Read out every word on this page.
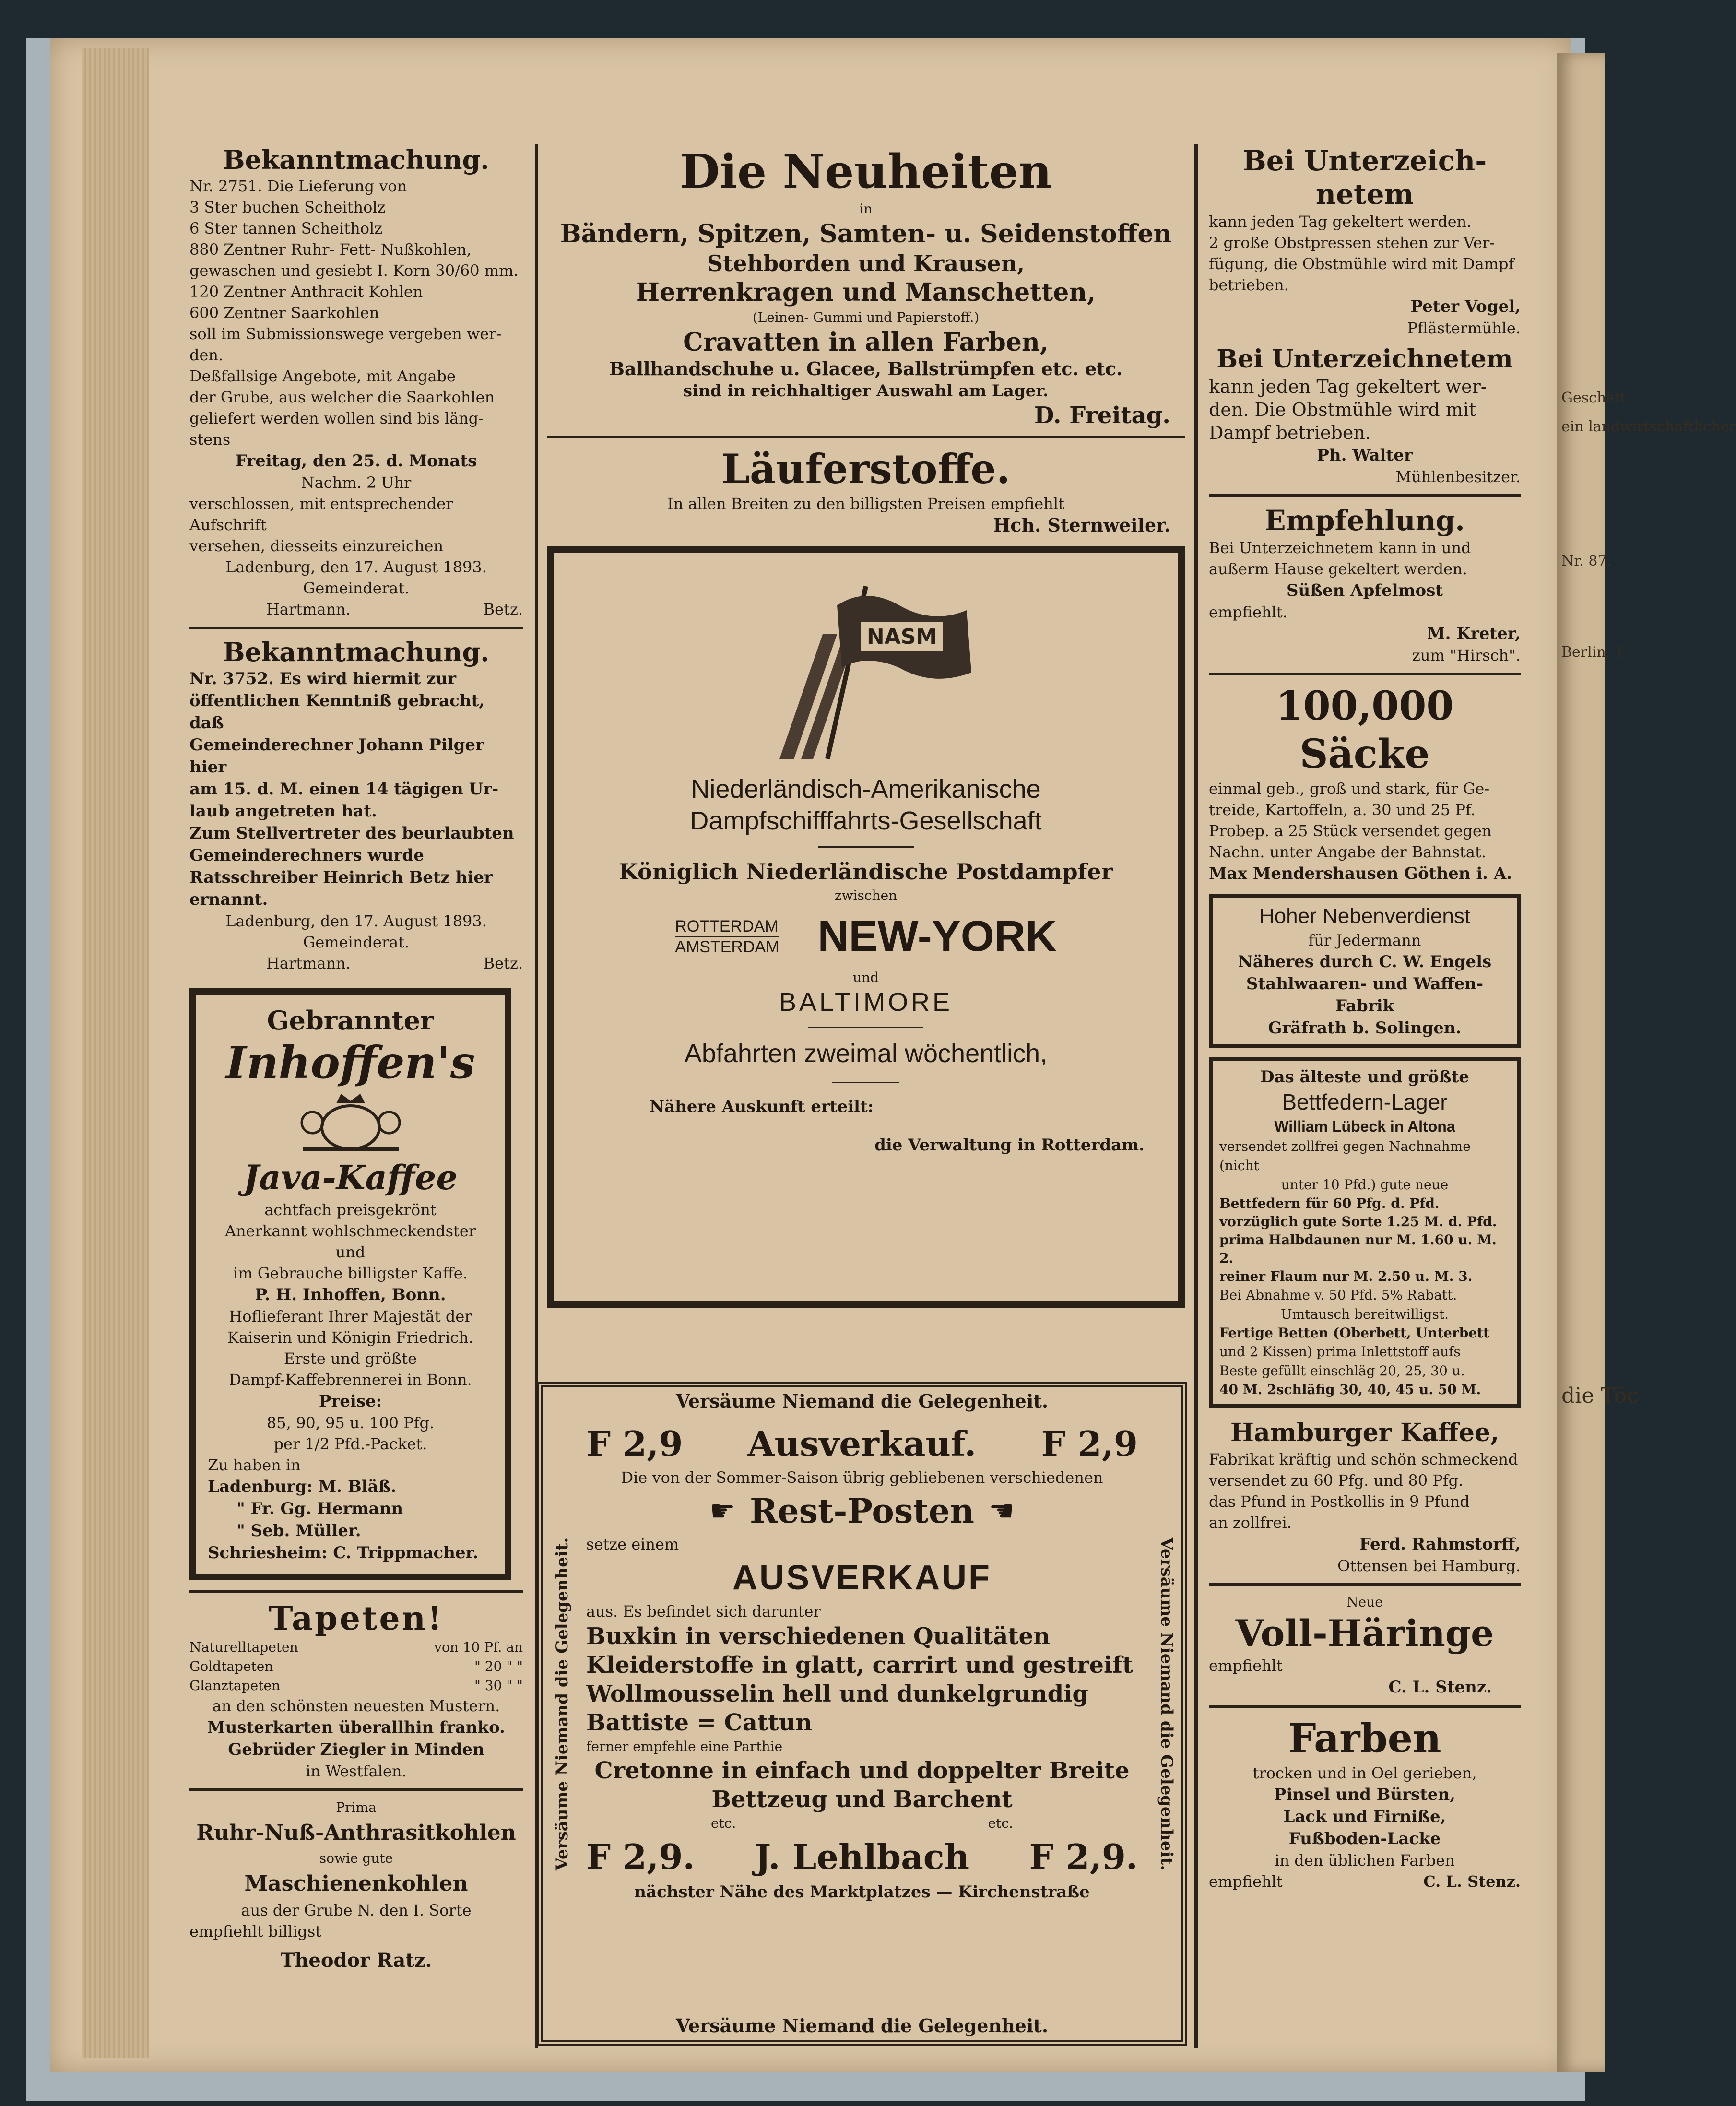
Geschäft
ein landwirtschaftlicher
Nr. 87.
Berlin, 1
die Töc
Bekanntmachung.
Nr. 2751. Die Lieferung von
3 Ster buchen Scheitholz
6 Ster tannen Scheitholz
880 Zentner Ruhr- Fett- Nußkohlen,
gewaschen und gesiebt I. Korn 30/60 mm.
120 Zentner Anthracit Kohlen
600 Zentner Saarkohlen
soll im Submissionswege vergeben wer-
den.
Deßfallsige Angebote, mit Angabe
der Grube, aus welcher die Saarkohlen
geliefert werden wollen sind bis läng-
stens
Freitag, den 25. d. Monats
Nachm. 2 Uhr
verschlossen, mit entsprechender Aufschrift
versehen, diesseits einzureichen
Ladenburg, den 17. August 1893.
Gemeinderat.
Hartmann.	Betz.
Bekanntmachung.
Nr. 3752. Es wird hiermit zur
öffentlichen Kenntniß gebracht, daß
Gemeinderechner Johann Pilger hier
am 15. d. M. einen 14 tägigen Ur-
laub angetreten hat.
Zum Stellvertreter des beurlaubten
Gemeinderechners wurde
Ratsschreiber Heinrich Betz hier
ernannt.
Ladenburg, den 17. August 1893.
Gemeinderat.
Hartmann.	Betz.
Gebrannter
Inhoffen's
Java-Kaffee
achtfach preisgekrönt
Anerkannt wohlschmeckendster und
im Gebrauche billigster Kaffe.
P. H. Inhoffen, Bonn.
Hoflieferant Ihrer Majestät der
Kaiserin und Königin Friedrich.
Erste und größte
Dampf-Kaffebrennerei in Bonn.
Preise:
85, 90, 95 u. 100 Pfg.
per 1/2 Pfd.-Packet.
Zu haben in
Ladenburg: M. Bläß.
" Fr. Gg. Hermann
" Seb. Müller.
Schriesheim: C. Trippmacher.
Tapeten!
Naturelltapeten	von 10 Pf. an
Goldtapeten	" 20 " "
Glanztapeten	" 30 " "
an den schönsten neuesten Mustern.
Musterkarten überallhin franko.
Gebrüder Ziegler in Minden
in Westfalen.
Prima
Ruhr-Nuß-Anthrasitkohlen
sowie gute
Maschienenkohlen
aus der Grube N. den I. Sorte
empfiehlt billigst
Theodor Ratz.
Die Neuheiten
in
Bändern, Spitzen, Samten- u. Seidenstoffen
Stehborden und Krausen,
Herrenkragen und Manschetten,
(Leinen- Gummi und Papierstoff.)
Cravatten in allen Farben,
Ballhandschuhe u. Glacee, Ballstrümpfen etc. etc.
sind in reichhaltiger Auswahl am Lager.
D. Freitag.
Läuferstoffe.
In allen Breiten zu den billigsten Preisen empfiehlt
Hch. Sternweiler.
NASM
Niederländisch-Amerikanische
Dampfschifffahrts-Gesellschaft
Königlich Niederländische Postdampfer
zwischen
ROTTERDAM
AMSTERDAM NEW-YORK
und
BALTIMORE
Abfahrten zweimal wöchentlich,
Nähere Auskunft erteilt:
die Verwaltung in Rotterdam.
Versäume Niemand die Gelegenheit.
Versäume Niemand die Gelegenheit.
Versäume Niemand die Gelegenheit.	Versäume Niemand die Gelegenheit.
F 2,9 Ausverkauf. F 2,9
Die von der Sommer-Saison übrig gebliebenen verschiedenen
☛ Rest-Posten ☚
setze einem
AUSVERKAUF
aus. Es befindet sich darunter
Buxkin in verschiedenen Qualitäten
Kleiderstoffe in glatt, carrirt und gestreift
Wollmousselin hell und dunkelgrundig
Battiste = Cattun
ferner empfehle eine Parthie
Cretonne in einfach und doppelter Breite
Bettzeug und Barchent
etc.	etc.
F 2,9. J. Lehlbach F 2,9.
nächster Nähe des Marktplatzes — Kirchenstraße
Bei Unterzeich-netem
kann jeden Tag gekeltert werden.
2 große Obstpressen stehen zur Ver-
fügung, die Obstmühle wird mit Dampf
betrieben.
Peter Vogel,
Pflästermühle.
Bei Unterzeichnetem
kann jeden Tag gekeltert wer-
den. Die Obstmühle wird mit
Dampf betrieben.
Ph. Walter
Mühlenbesitzer.
Empfehlung.
Bei Unterzeichnetem kann in und
außerm Hause gekeltert werden.
Süßen Apfelmost
empfiehlt.
M. Kreter,
zum "Hirsch".
100,000 Säcke
einmal geb., groß und stark, für Ge-
treide, Kartoffeln, a. 30 und 25 Pf.
Probep. a 25 Stück versendet gegen
Nachn. unter Angabe der Bahnstat.
Max Mendershausen Göthen i. A.
Hoher Nebenverdienst
für Jedermann
Näheres durch C. W. Engels
Stahlwaaren- und Waffen-Fabrik
Gräfrath b. Solingen.
Das älteste und größte
Bettfedern-Lager
William Lübeck in Altona
versendet zollfrei gegen Nachnahme (nicht
unter 10 Pfd.) gute neue
Bettfedern für 60 Pfg. d. Pfd.
vorzüglich gute Sorte 1.25 M. d. Pfd.
prima Halbdaunen nur M. 1.60 u. M. 2.
reiner Flaum nur M. 2.50 u. M. 3.
Bei Abnahme v. 50 Pfd. 5% Rabatt.
Umtausch bereitwilligst.
Fertige Betten (Oberbett, Unterbett
und 2 Kissen) prima Inlettstoff aufs
Beste gefüllt einschläg 20, 25, 30 u.
40 M. 2schläfig 30, 40, 45 u. 50 M.
Hamburger Kaffee,
Fabrikat kräftig und schön schmeckend
versendet zu 60 Pfg. und 80 Pfg.
das Pfund in Postkollis in 9 Pfund
an zollfrei.
Ferd. Rahmstorff,
Ottensen bei Hamburg.
Neue
Voll-Häringe
empfiehlt
C. L. Stenz.
Farben
trocken und in Oel gerieben,
Pinsel und Bürsten,
Lack und Firniße,
Fußboden-Lacke
in den üblichen Farben
empfiehlt	C. L. Stenz.
